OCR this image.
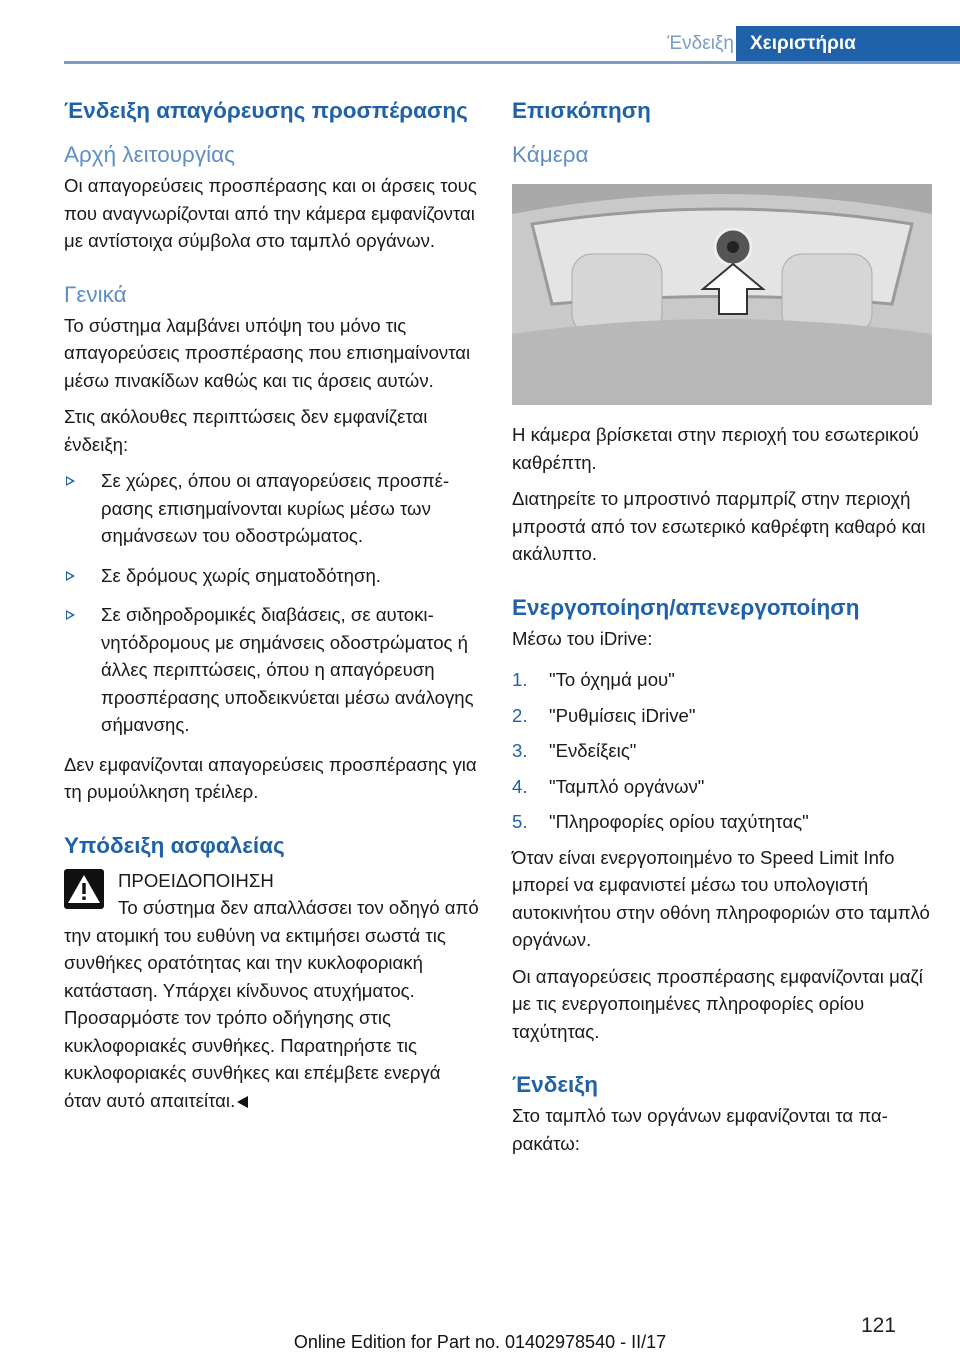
Ένδειξη Χειριστήρια
Ένδειξη απαγόρευσης προσπέρασης
Αρχή λειτουργίας

Οι απαγορεύσεις προσπέρασης και οι άρσεις τους που αναγνωρίζονται από την κάμερα εμφανίζονται με αντίστοιχα σύμβολα στο ταμπλό οργάνων.

Γενικά

Το σύστημα λαμβάνει υπόψη του μόνο τις απαγορεύσεις προσπέρασης που επισημαίνονται μέσω πινακίδων καθώς και τις άρσεις αυτών.

Στις ακόλουθες περιπτώσεις δεν εμφανίζεται ένδειξη:

Σε χώρες, όπου οι απαγορεύσεις προσπέρασης επισημαίνονται κυρίως μέσω των σημάνσεων του οδοστρώματος.
Σε δρόμους χωρίς σηματοδότηση.
Σε σιδηροδρομικές διαβάσεις, σε αυτοκινητόδρομους με σημάνσεις οδοστρώματος ή άλλες περιπτώσεις, όπου η απαγόρευση προσπέρασης υποδεικνύεται μέσω ανάλογης σήμανσης.

Δεν εμφανίζονται απαγορεύσεις προσπέρασης για τη ρυμούλκηση τρέιλερ.

Υπόδειξη ασφαλείας

ΠΡΟΕΙΔΟΠΟΙΗΣΗ

Το σύστημα δεν απαλλάσσει τον οδηγό από την ατομική του ευθύνη να εκτιμήσει σωστά τις συνθήκες ορατότητας και την κυκλοφοριακή κατάσταση. Υπάρχει κίνδυνος ατυχήματος. Προσαρμόστε τον τρόπο οδήγησης στις κυκλοφοριακές συνθήκες. Παρατηρήστε τις κυκλοφοριακές συνθήκες και επέμβετε ενεργά όταν αυτό απαιτείται.

Επισκόπηση
Κάμερα

Η κάμερα βρίσκεται στην περιοχή του εσωτερικού καθρέπτη.

Διατηρείτε το μπροστινό παρμπρίζ στην περιοχή μπροστά από τον εσωτερικό καθρέφτη καθαρό και ακάλυπτο.

Ενεργοποίηση/απενεργοποίηση

Μέσω του iDrive:

1. "Το όχημά μου"
2. "Ρυθμίσεις iDrive"
3. "Ενδείξεις"
4. "Ταμπλό οργάνων"
5. "Πληροφορίες ορίου ταχύτητας"

Όταν είναι ενεργοποιημένο το Speed Limit Info μπορεί να εμφανιστεί μέσω του υπολογιστή αυτοκινήτου στην οθόνη πληροφοριών στο ταμπλό οργάνων.

Οι απαγορεύσεις προσπέρασης εμφανίζονται μαζί με τις ενεργοποιημένες πληροφορίες ορίου ταχύτητας.

Ένδειξη

Στο ταμπλό των οργάνων εμφανίζονται τα παρακάτω:

121
Online Edition for Part no. 01402978540 - II/17
